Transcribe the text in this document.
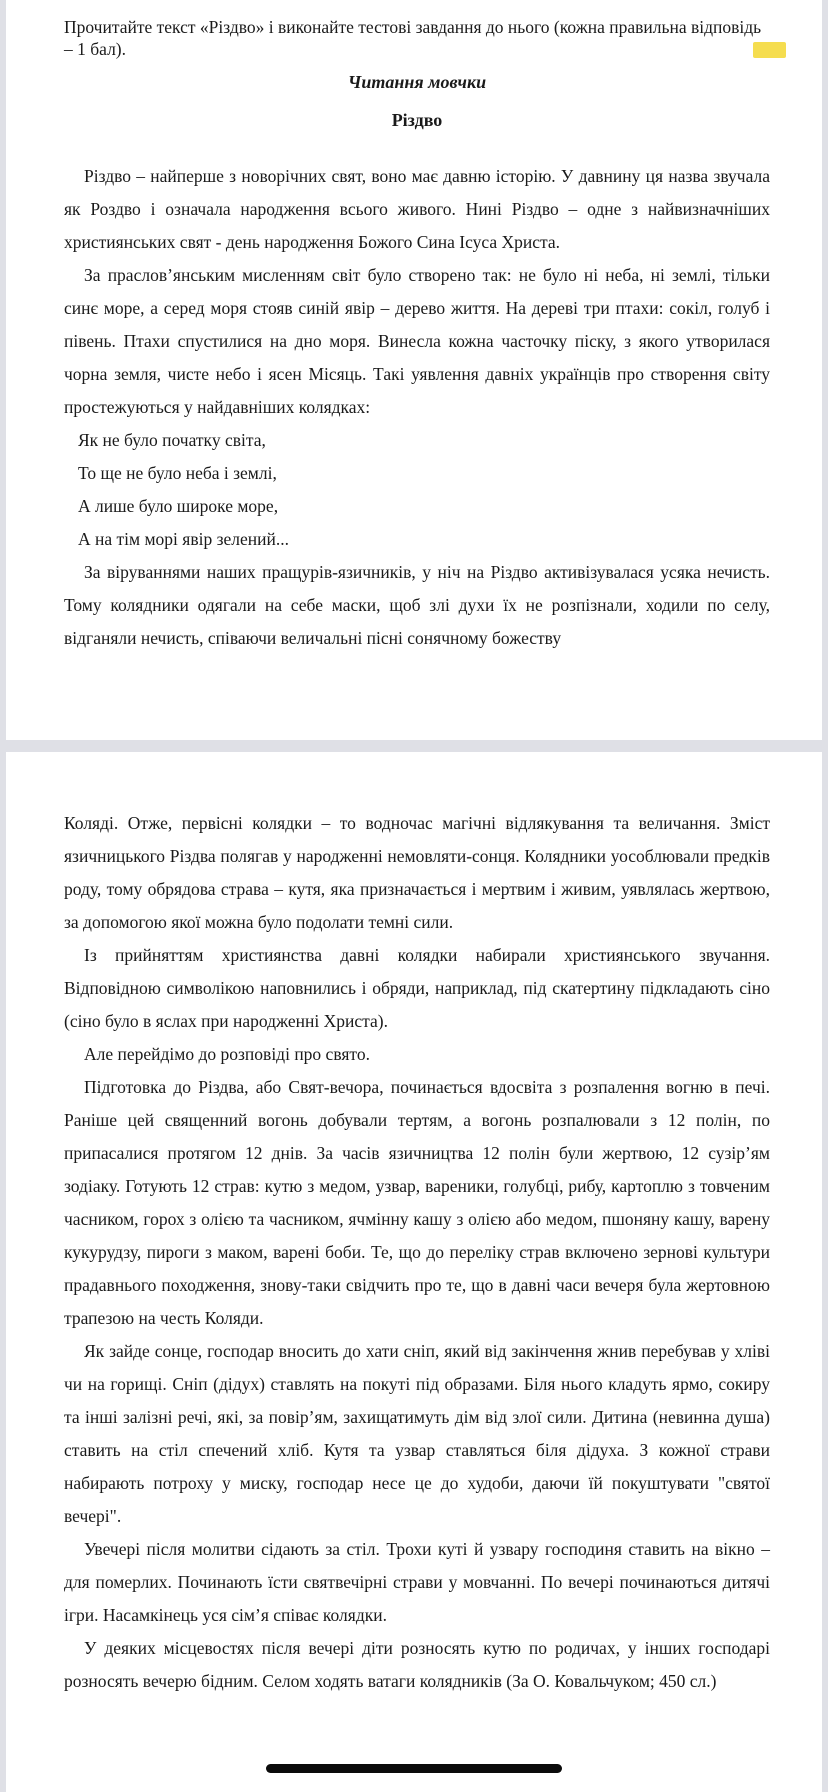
Прочитайте текст «Різдво» і виконайте тестові завдання до нього (кожна правильна відповідь – 1 бал).

Читання мовчки

Різдво

Різдво – найперше з новорічних свят, воно має давню історію. У давнину ця назва звучала як Роздво і означала народження всього живого. Нині Різдво – одне з найвизначніших християнських свят - день народження Божого Сина Ісуса Христа.

За праслов’янським мисленням світ було створено так: не було ні неба, ні землі, тільки синє море, а серед моря стояв синій явір – дерево життя. На дереві три птахи: сокіл, голуб і півень. Птахи спустилися на дно моря. Винесла кожна часточку піску, з якого утворилася чорна земля, чисте небо і ясен Місяць. Такі уявлення давніх українців про створення світу простежуються у найдавніших колядках:

Як не було початку світа,

То ще не було неба і землі,

А лише було широке море,

А на тім морі явір зелений...

За віруваннями наших пращурів-язичників, у ніч на Різдво активізувалася усяка нечисть. Тому колядники одягали на себе маски, щоб злі духи їх не розпізнали, ходили по селу, відганяли нечисть, співаючи величальні пісні сонячному божеству

Коляді. Отже, первісні колядки – то водночас магічні відлякування та величання. Зміст язичницького Різдва полягав у народженні немовляти-сонця. Колядники уособлювали предків роду, тому обрядова страва – кутя, яка призначається і мертвим і живим, уявлялась жертвою, за допомогою якої можна було подолати темні сили.

Із прийняттям християнства давні колядки набирали християнського звучання. Відповідною символікою наповнились і обряди, наприклад, під скатертину підкладають сіно (сіно було в яслах при народженні Христа).

Але перейдімо до розповіді про свято.

Підготовка до Різдва, або Свят-вечора, починається вдосвіта з розпалення вогню в печі. Раніше цей священний вогонь добували тертям, а вогонь розпалювали з 12 полін, по припасалися протягом 12 днів. За часів язичництва 12 полін були жертвою, 12 сузір’ям зодіаку. Готують 12 страв: кутю з медом, узвар, вареники, голубці, рибу, картоплю з товченим часником, горох з олією та часником, ячмінну кашу з олією або медом, пшоняну кашу, варену кукурудзу, пироги з маком, варені боби. Те, що до переліку страв включено зернові культури прадавнього походження, знову-таки свідчить про те, що в давні часи вечеря була жертовною трапезою на честь Коляди.

Як зайде сонце, господар вносить до хати сніп, який від закінчення жнив перебував у хліві чи на горищі. Сніп (дідух) ставлять на покуті під образами. Біля нього кладуть ярмо, сокиру та інші залізні речі, які, за повір’ям, захищатимуть дім від злої сили. Дитина (невинна душа) ставить на стіл спечений хліб. Кутя та узвар ставляться біля дідуха. З кожної страви набирають потроху у миску, господар несе це до худоби, даючи їй покуштувати "святої вечері".

Увечері після молитви сідають за стіл. Трохи куті й узвару господиня ставить на вікно – для померлих. Починають їсти святвечірні страви у мовчанні. По вечері починаються дитячі ігри. Насамкінець уся сім’я співає колядки.

У деяких місцевостях після вечері діти розносять кутю по родичах, у інших господарі розносять вечерю бідним. Селом ходять ватаги колядників (За О. Ковальчуком; 450 сл.)
